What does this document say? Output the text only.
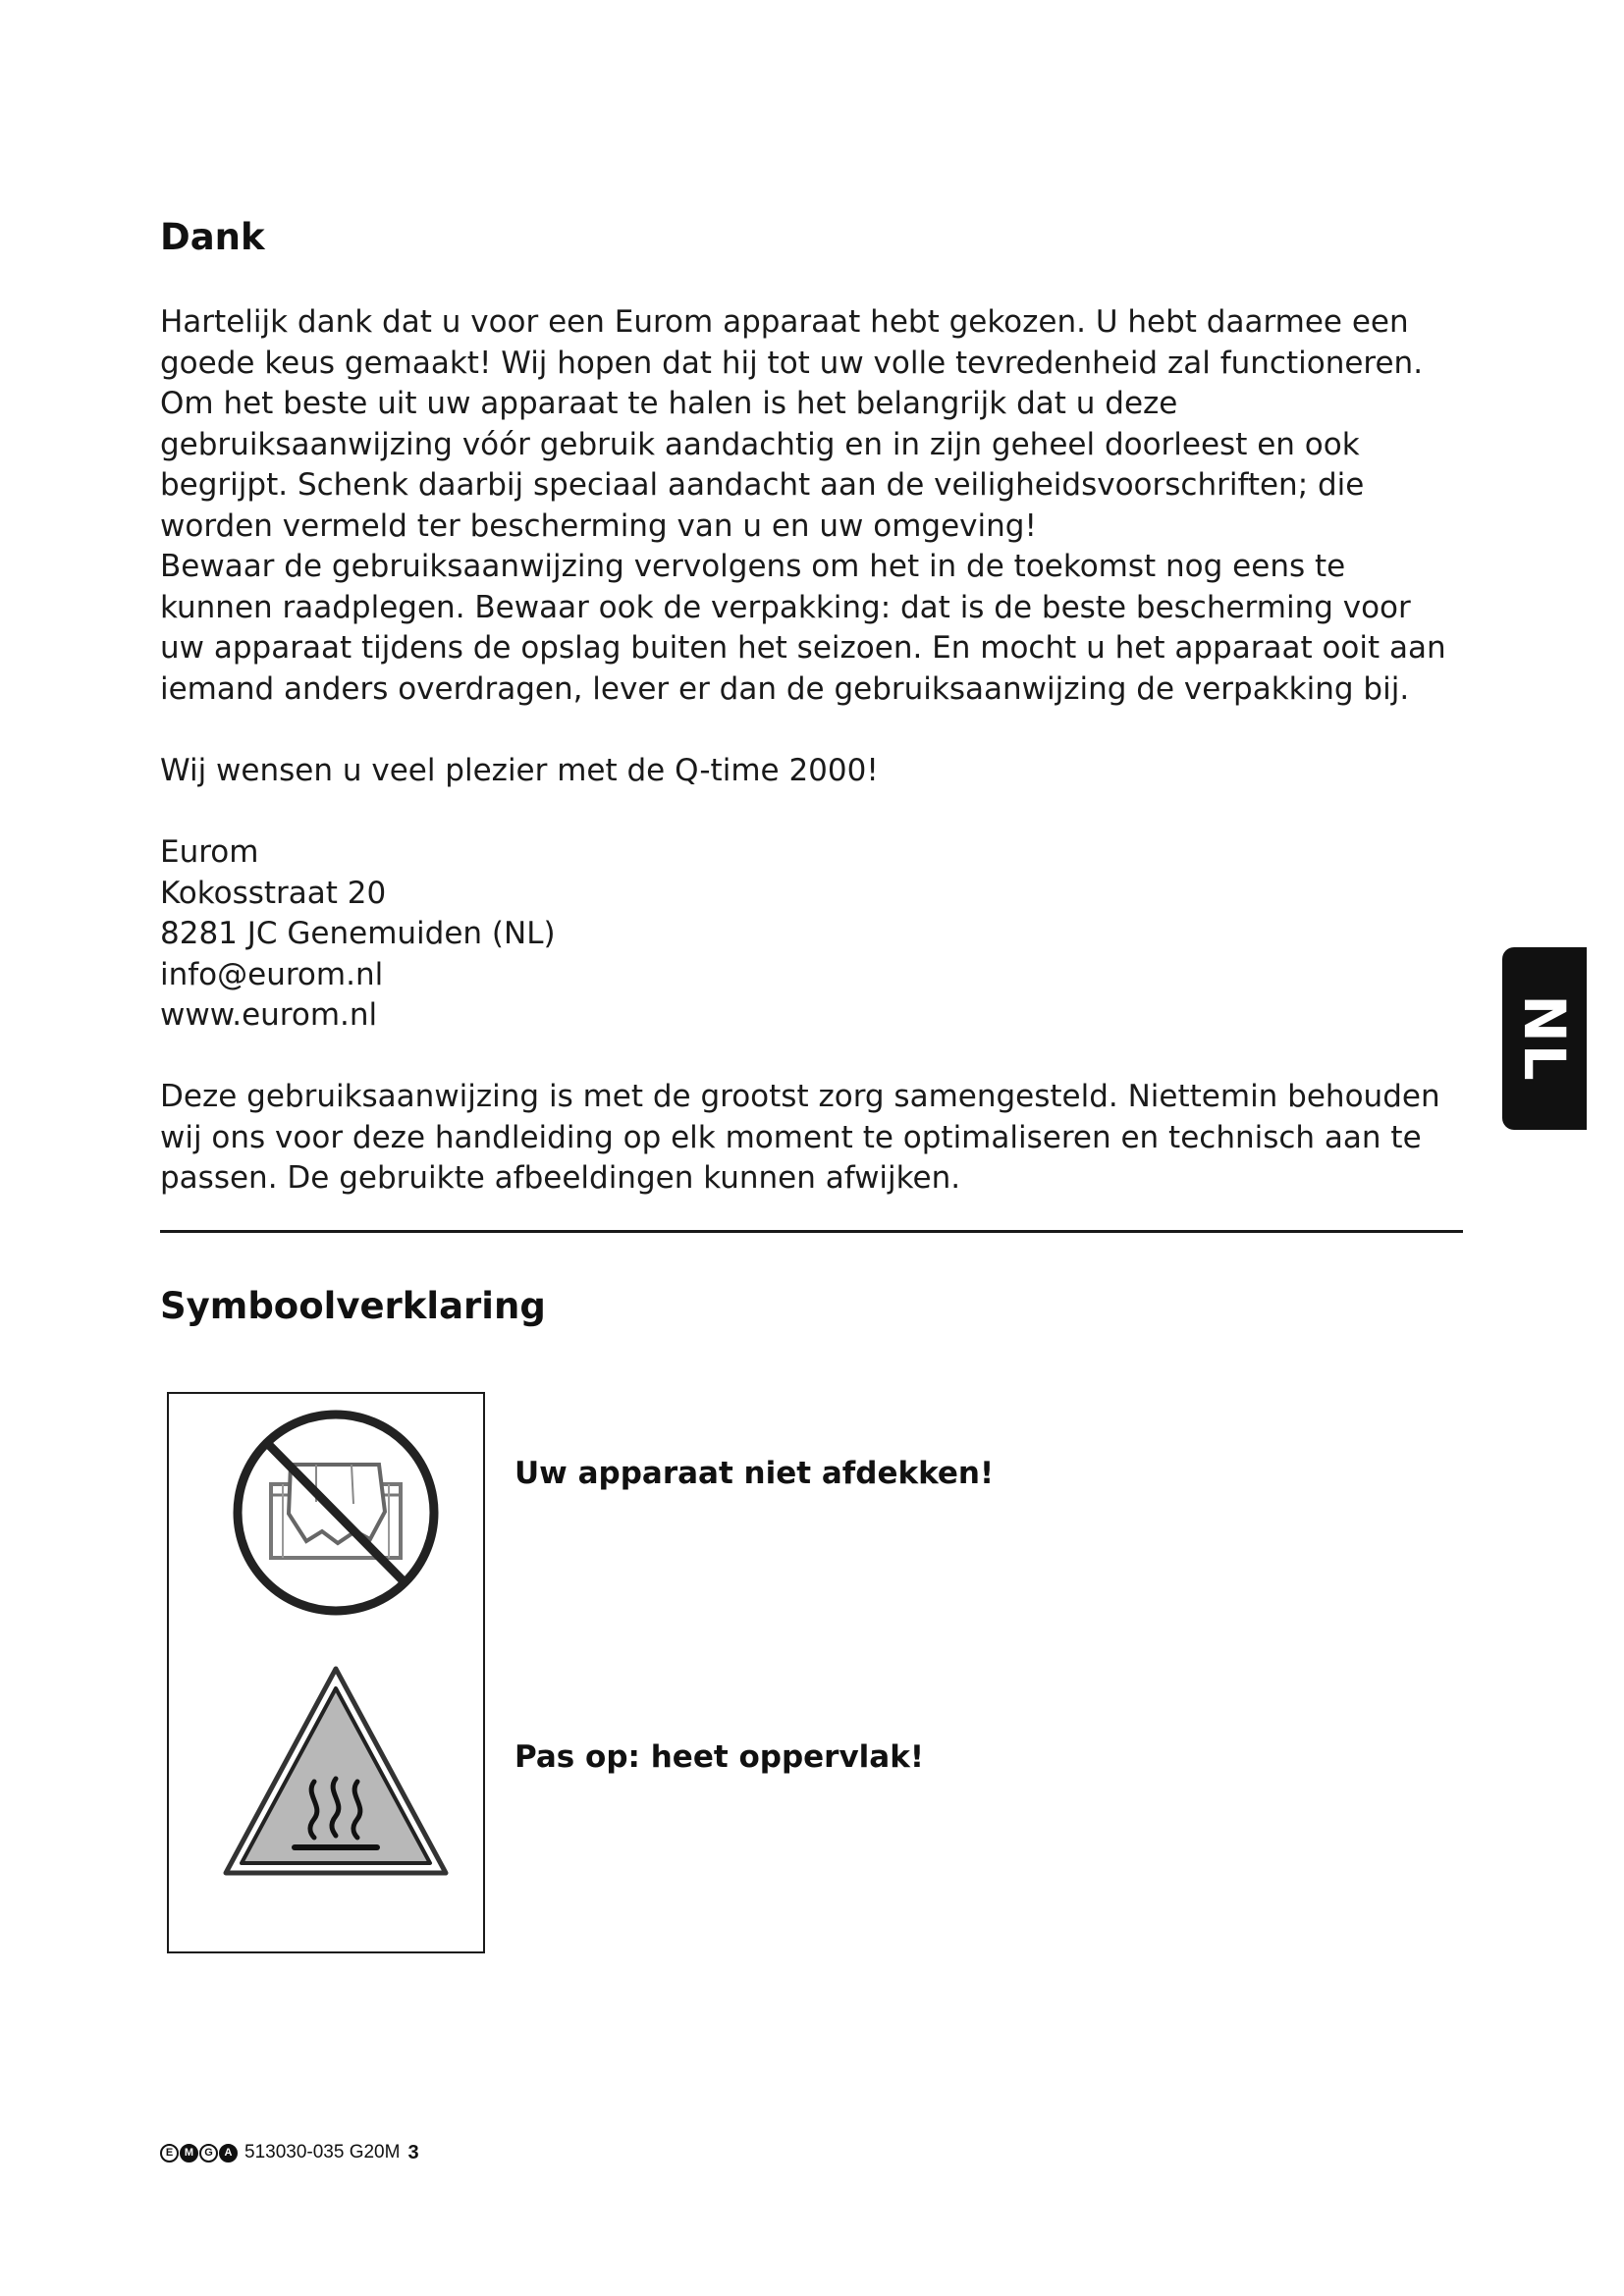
Dank

Hartelijk dank dat u voor een Eurom apparaat hebt gekozen. U hebt daarmee een
goede keus gemaakt! Wij hopen dat hij tot uw volle tevredenheid zal functioneren.
Om het beste uit uw apparaat te halen is het belangrijk dat u deze
gebruiksaanwijzing vóór gebruik aandachtig en in zijn geheel doorleest en ook
begrijpt. Schenk daarbij speciaal aandacht aan de veiligheidsvoorschriften; die
worden vermeld ter bescherming van u en uw omgeving!
Bewaar de gebruiksaanwijzing vervolgens om het in de toekomst nog eens te
kunnen raadplegen. Bewaar ook de verpakking: dat is de beste bescherming voor
uw apparaat tijdens de opslag buiten het seizoen. En mocht u het apparaat ooit aan
iemand anders overdragen, lever er dan de gebruiksaanwijzing de verpakking bij.

Wij wensen u veel plezier met de Q-time 2000!

Eurom
Kokosstraat 20
8281 JC Genemuiden (NL)
info@eurom.nl
www.eurom.nl

Deze gebruiksaanwijzing is met de grootst zorg samengesteld. Niettemin behouden
wij ons voor deze handleiding op elk moment te optimaliseren en technisch aan te
passen. De gebruikte afbeeldingen kunnen afwijken.

Symboolverklaring

Uw apparaat niet afdekken!

Pas op: heet oppervlak!

NL
E	M	G	A 513030-035 G20M 3
